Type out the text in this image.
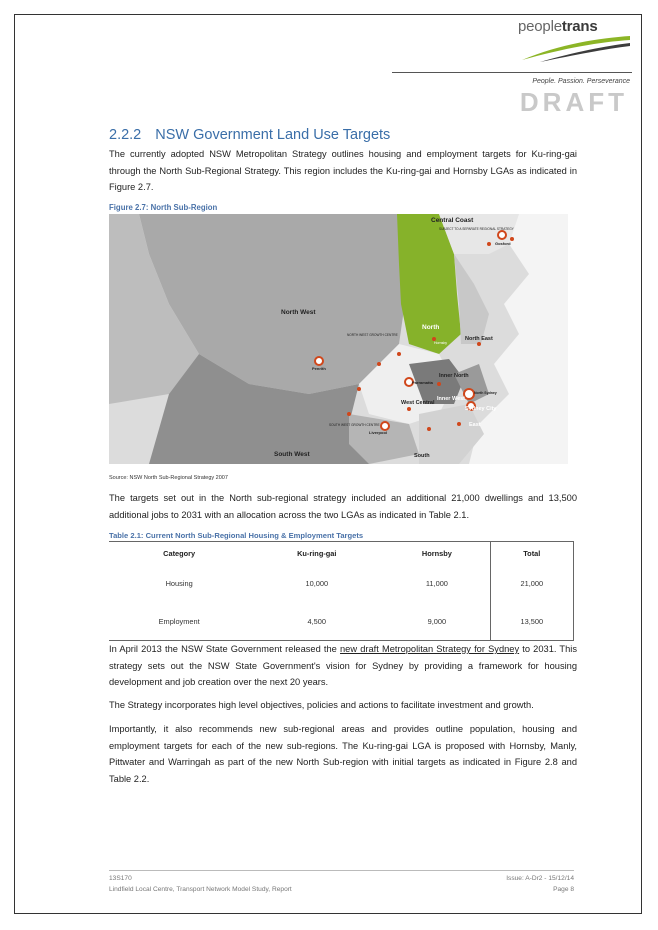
peopletrans
People. Passion. Perseverance
DRAFT
2.2.2 NSW Government Land Use Targets
The currently adopted NSW Metropolitan Strategy outlines housing and employment targets for Ku-ring-gai through the North Sub-Regional Strategy. This region includes the Ku-ring-gai and Hornsby LGAs as indicated in Figure 2.7.
Figure 2.7: North Sub-Region
Central Coast
SUBJECT TO A SEPARATE REGIONAL STRATEGY
Gosford
North West
NORTH WEST GROWTH CENTRE
Penrith
North
Hornsby
North East
Parramatta
Inner North
North Sydney
West Central
Inner West
Sydney City
SOUTH WEST GROWTH CENTRE
Liverpool
East
South West	South
Source: NSW North Sub-Regional Strategy 2007
The targets set out in the North sub-regional strategy included an additional 21,000 dwellings and 13,500 additional jobs to 2031 with an allocation across the two LGAs as indicated in Table 2.1.
Table 2.1: Current North Sub-Regional Housing & Employment Targets
Category	Ku-ring-gai	Hornsby	Total
Housing	10,000	11,000	21,000
Employment	4,500	9,000	13,500
In April 2013 the NSW State Government released the new draft Metropolitan Strategy for Sydney to 2031. This strategy sets out the NSW State Government's vision for Sydney by providing a framework for housing development and job creation over the next 20 years.
The Strategy incorporates high level objectives, policies and actions to facilitate investment and growth.
Importantly, it also recommends new sub-regional areas and provides outline population, housing and employment targets for each of the new sub-regions. The Ku-ring-gai LGA is proposed with Hornsby, Manly, Pittwater and Warringah as part of the new North Sub-region with initial targets as indicated in Figure 2.8 and Table 2.2.
13S170
Lindfield Local Centre, Transport Network Model Study, Report
Issue: A-Dr2 - 15/12/14
Page 8
